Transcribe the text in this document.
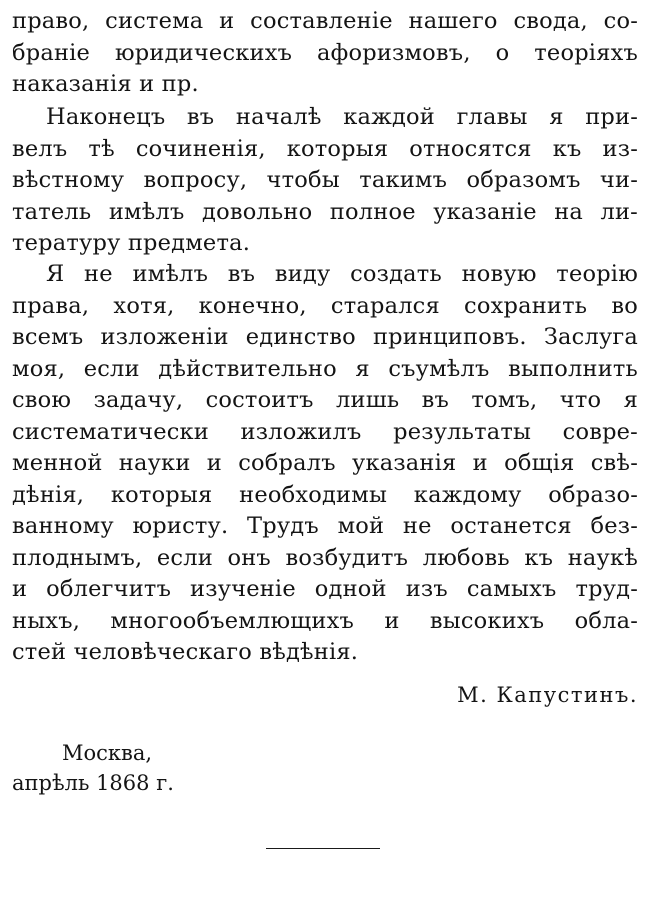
право, система и составленіе нашего свода, со-
браніе юридическихъ афоризмовъ, о теоріяхъ
наказанія и пр.
Наконецъ въ началѣ каждой главы я при-
велъ тѣ сочиненія, которыя относятся къ из-
вѣстному вопросу, чтобы такимъ образомъ чи-
татель имѣлъ довольно полное указаніе на ли-
тературу предмета.
Я не имѣлъ въ виду создать новую теорію
права, хотя, конечно, старался сохранить во
всемъ изложеніи единство принциповъ. Заслуга
моя, если дѣйствительно я съумѣлъ выполнить
свою задачу, состоитъ лишь въ томъ, что я
систематически изложилъ результаты совре-
менной науки и собралъ указанія и общія свѣ-
дѣнія, которыя необходимы каждому образо-
ванному юристу. Трудъ мой не останется без-
плоднымъ, если онъ возбудитъ любовь къ наукѣ
и облегчитъ изученіе одной изъ самыхъ труд-
ныхъ, многообъемлющихъ и высокихъ обла-
стей человѣческаго вѣдѣнія.
М. Капустинъ.
Москва,
апрѣль 1868 г.
